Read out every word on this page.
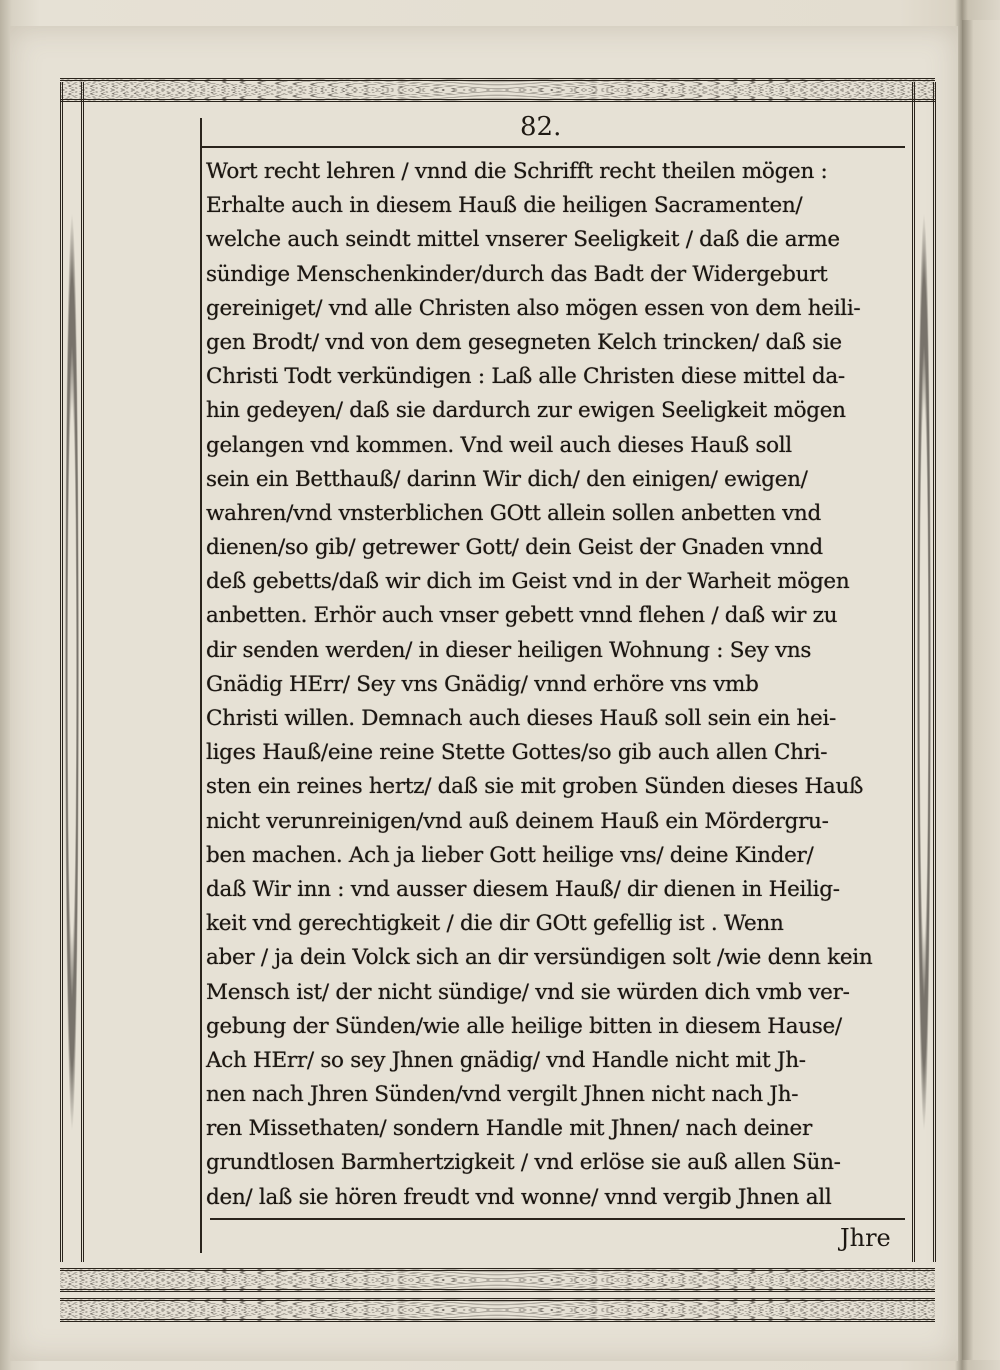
82.
Wort recht lehren / vnnd die Schrifft recht theilen mögen :
Erhalte auch in diesem Hauß die heiligen Sacramenten/
welche auch seindt mittel vnserer Seeligkeit / daß die arme
sündige Menschenkinder/durch das Badt der Widergeburt
gereiniget/ vnd alle Christen also mögen essen von dem heili-
gen Brodt/ vnd von dem gesegneten Kelch trincken/ daß sie
Christi Todt verkündigen : Laß alle Christen diese mittel da-
hin gedeyen/ daß sie dardurch zur ewigen Seeligkeit mögen
gelangen vnd kommen. Vnd weil auch dieses Hauß soll
sein ein Betthauß/ darinn Wir dich/ den einigen/ ewigen/
wahren/vnd vnsterblichen GOtt allein sollen anbetten vnd
dienen/so gib/ getrewer Gott/ dein Geist der Gnaden vnnd
deß gebetts/daß wir dich im Geist vnd in der Warheit mögen
anbetten. Erhör auch vnser gebett vnnd flehen / daß wir zu
dir senden werden/ in dieser heiligen Wohnung : Sey vns
Gnädig HErr/ Sey vns Gnädig/ vnnd erhöre vns vmb
Christi willen. Demnach auch dieses Hauß soll sein ein hei-
liges Hauß/eine reine Stette Gottes/so gib auch allen Chri-
sten ein reines hertz/ daß sie mit groben Sünden dieses Hauß
nicht verunreinigen/vnd auß deinem Hauß ein Mördergru-
ben machen. Ach ja lieber Gott heilige vns/ deine Kinder/
daß Wir inn : vnd ausser diesem Hauß/ dir dienen in Heilig-
keit vnd gerechtigkeit / die dir GOtt gefellig ist . Wenn
aber / ja dein Volck sich an dir versündigen solt /wie denn kein
Mensch ist/ der nicht sündige/ vnd sie würden dich vmb ver-
gebung der Sünden/wie alle heilige bitten in diesem Hause/
Ach HErr/ so sey Jhnen gnädig/ vnd Handle nicht mit Jh-
nen nach Jhren Sünden/vnd vergilt Jhnen nicht nach Jh-
ren Missethaten/ sondern Handle mit Jhnen/ nach deiner
grundtlosen Barmhertzigkeit / vnd erlöse sie auß allen Sün-
den/ laß sie hören freudt vnd wonne/ vnnd vergib Jhnen all
Jhre
